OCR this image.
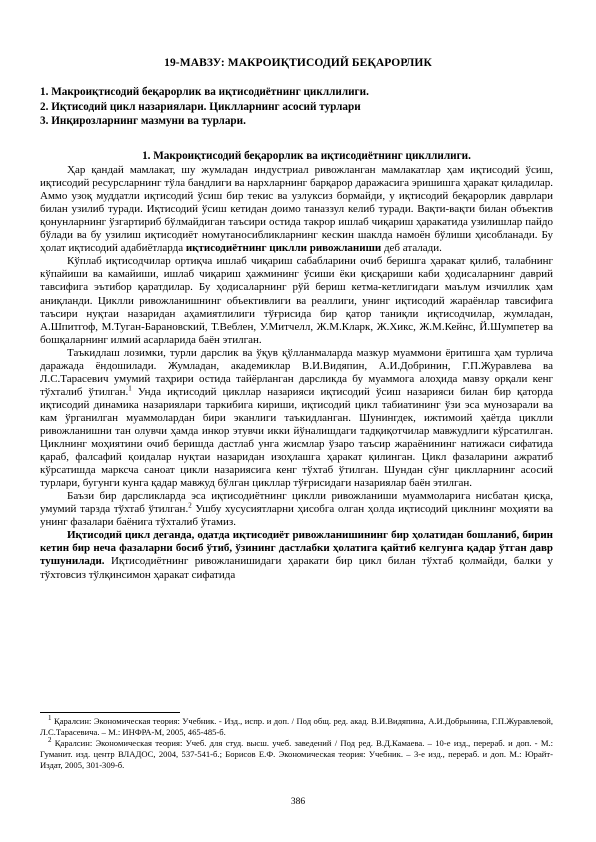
19-МАВЗУ: МАКРОИҚТИСОДИЙ БЕҚАРОРЛИК
1. Макроиқтисодий беқарорлик ва иқтисодиётнинг цикллилиги.
2. Иқтисодий цикл назариялари. Циклларнинг асосий турлари
3. Инқирозларнинг мазмуни ва турлари.
1. Макроиқтисодий беқарорлик ва иқтисодиётнинг цикллилиги.

Ҳар қандай мамлакат, шу жумладан индустриал ривожланган мамлакатлар ҳам иқтисодий ўсиш, иқтисодий ресурсларнинг тўла бандлиги ва нархларнинг барқарор даражасига эришишга ҳаракат қиладилар. Аммо узоқ муддатли иқтисодий ўсиш бир текис ва узлуксиз бормайди, у иқтисодий беқарорлик даврлари билан узилиб туради. Иқтисодий ўсиш кетидан доимо таназзул келиб туради. Вақти-вақти билан объектив қонунларнинг ўзгартириб бўлмайдиган таъсири остида такрор ишлаб чиқариш ҳаракатида узилишлар пайдо бўлади ва бу узилиш иқтисодиёт номутаносибликларнинг кескин шаклда намоён бўлиши ҳисобланади. Бу ҳолат иқтисодий адабиётларда иқтисодиётнинг циклли ривожланиши деб аталади.

Кўплаб иқтисодчилар ортиқча ишлаб чиқариш сабабларини очиб беришга ҳаракат қилиб, талабнинг кўпайиши ва камайиши, ишлаб чиқариш ҳажмининг ўсиши ёки қисқариши каби ҳодисаларнинг даврий тавсифига эътибор қаратдилар. Бу ҳодисаларнинг рўй бериш кетма-кетлигидаги маълум изчиллик ҳам аниқланди. Циклли ривожланишнинг объективлиги ва реаллиги, унинг иқтисодий жараёнлар тавсифига таъсири нуқтаи назаридан аҳамиятлилиги тўғрисида бир қатор таниқли иқтисодчилар, жумладан, А.Шпитгоф, М.Туган-Барановский, Т.Веблен, У.Митчелл, Ж.М.Кларк, Ж.Хикс, Ж.М.Кейнс, Й.Шумпетер ва бошқаларнинг илмий асарларида баён этилган.

Таъкидлаш лозимки, турли дарслик ва ўқув қўлланмаларда мазкур муаммони ёритишга ҳам турлича даражада ёндошилади. Жумладан, академиклар В.И.Видяпин, А.И.Добринин, Г.П.Журавлева ва Л.С.Тарасевич умумий таҳрири остида тайёрланган дарсликда бу муаммога алоҳида мавзу орқали кенг тўхталиб ўтилган.$^1$ Унда иқтисодий цикллар назарияси иқтисодий ўсиш назарияси билан бир қаторда иқтисодий динамика назариялари таркибига кириши, иқтисодий цикл табиатининг ўзи эса мунозарали ва кам ўрганилган муаммолардан бири эканлиги таъкидланган. Шунингдек, ижтимоий ҳаётда циклли ривожланишни тан олувчи ҳамда инкор этувчи икки йўналишдаги тадқиқотчилар мавжудлиги кўрсатилган. Циклнинг моҳиятини очиб беришда дастлаб унга жисмлар ўзаро таъсир жараёнининг натижаси сифатида қараб, фалсафий қоидалар нуқтаи назаридан изоҳлашга ҳаракат қилинган. Цикл фазаларини ажратиб кўрсатишда марксча саноат цикли назариясига кенг тўхтаб ўтилган. Шундан сўнг циклларнинг асосий турлари, бугунги кунга қадар мавжуд бўлган цикллар тўғрисидаги назариялар баён этилган.

Баъзи бир дарсликларда эса иқтисодиётнинг циклли ривожланиши муаммоларига нисбатан қисқа, умумий тарзда тўхтаб ўтилган.$^2$ Ушбу хусусиятларни ҳисобга олган ҳолда иқтисодий циклнинг моҳияти ва унинг фазалари баёнига тўхталиб ўтамиз.

Иқтисодий цикл деганда, одатда иқтисодиёт ривожланишининг бир ҳолатидан бошланиб, бирин кетин бир неча фазаларни босиб ўтиб, ўзининг дастлабки ҳолатига қайтиб келгунга қадар ўтган давр тушунилади. Иқтисодиётнинг ривожланишидаги ҳаракати бир цикл билан тўхтаб қолмайди, балки у тўхтовсиз тўлқинсимон ҳаракат сифатида

$^1$ Қаралсин: Экономическая теория: Учебник. - Изд., испр. и доп. / Под общ. ред. акад. В.И.Видяпина, А.И.Добрынина, Г.П.Журавлевой, Л.С.Тарасевича. – М.: ИНФРА-М, 2005, 465-485-б.

$^2$ Қаралсин: Экономическая теория: Учеб. для студ. высш. учеб. заведений / Под ред. В.Д.Камаева. – 10-е изд., перераб. и доп. - М.: Гуманит. изд. центр ВЛАДОС, 2004, 537-541-б.; Борисов Е.Ф. Экономическая теория: Учебник. – 3-е изд., перераб. и доп. М.: Юрайт-Издат, 2005, 301-309-б.

386
